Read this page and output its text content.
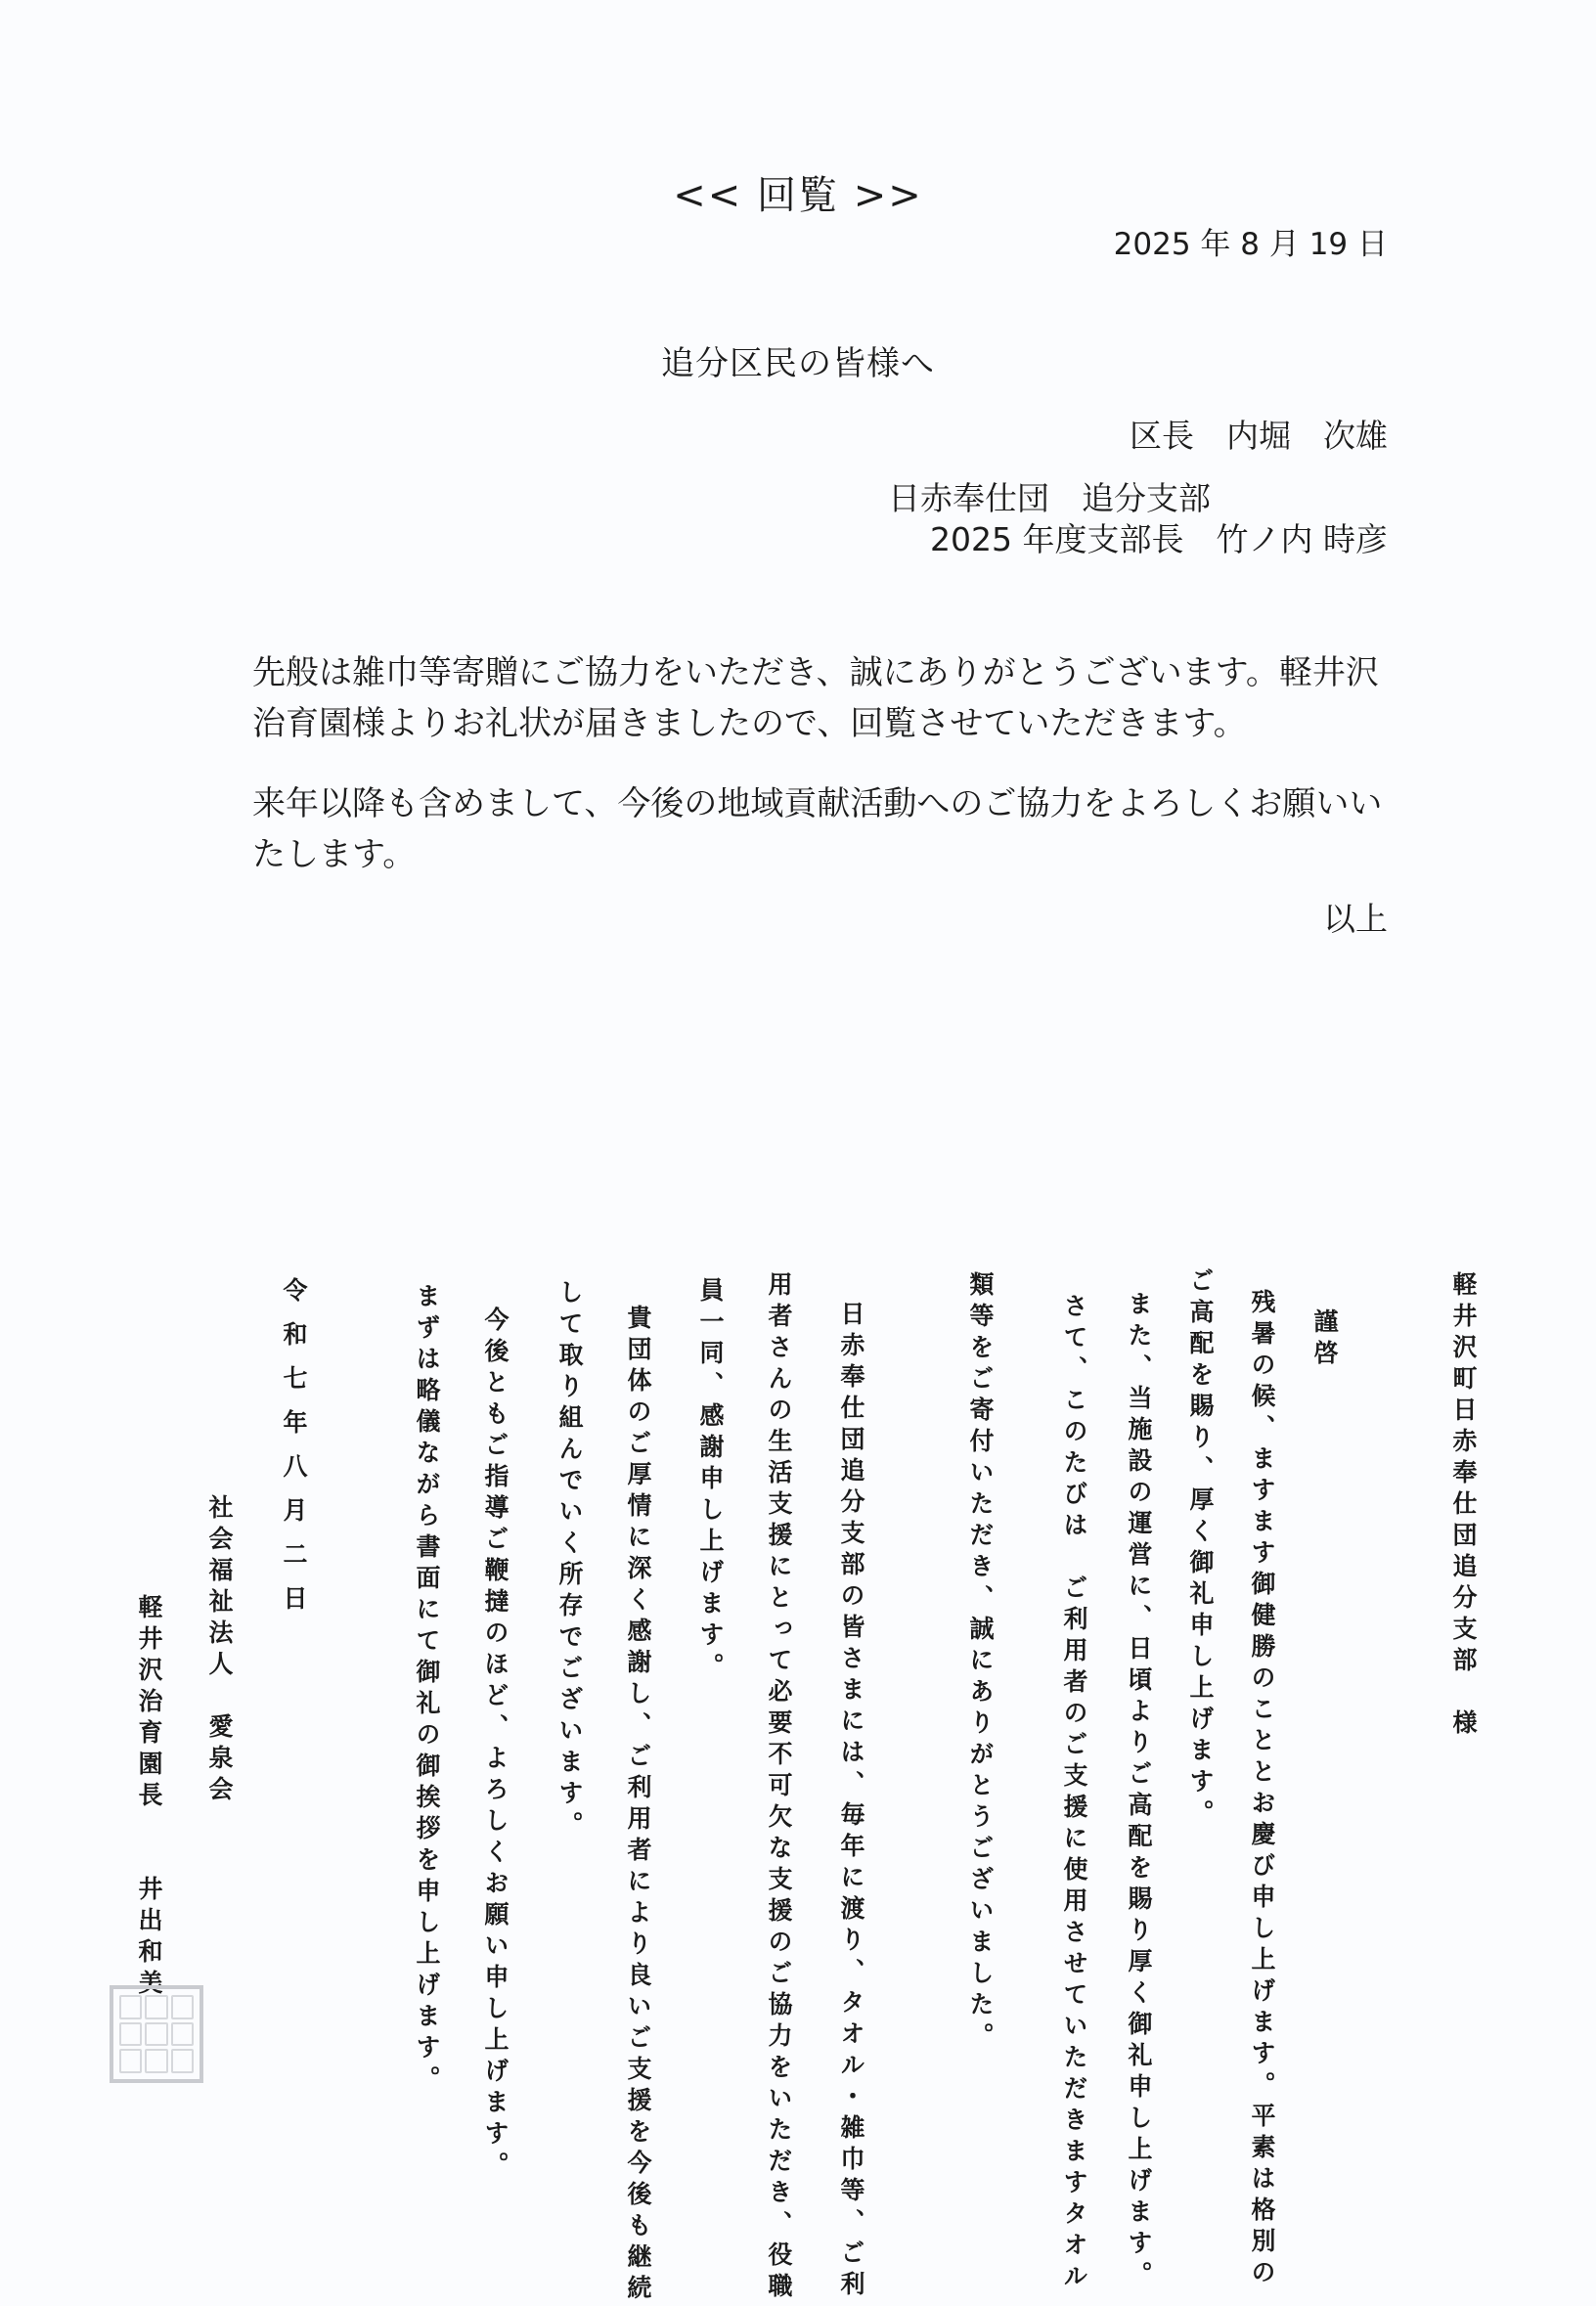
<< 回覧 >>
2025 年 8 月 19 日
追分区民の皆様へ
区長　内堀　次雄
日赤奉仕団　追分支部
2025 年度支部長　竹ノ内 時彦
先般は雑巾等寄贈にご協力をいただき、誠にありがとうございます。軽井沢治育園様よりお礼状が届きましたので、回覧させていただきます。
来年以降も含めまして、今後の地域貢献活動へのご協力をよろしくお願いいたします。
以上
軽井沢町日赤奉仕団追分支部　様
謹啓
残暑の候、ますます御健勝のこととお慶び申し上げます。平素は格別の
ご高配を賜り、厚く御礼申し上げます。
また、当施設の運営に、日頃よりご高配を賜り厚く御礼申し上げます。
さて、このたびは　ご利用者のご支援に使用させていただきますタオル
類等をご寄付いただき、誠にありがとうございました。
日赤奉仕団追分支部の皆さまには、毎年に渡り、タオル・雑巾等、ご利
用者さんの生活支援にとって必要不可欠な支援のご協力をいただき、役職
員一同、感謝申し上げます。
貴団体のご厚情に深く感謝し、ご利用者により良いご支援を今後も継続
して取り組んでいく所存でございます。
今後ともご指導ご鞭撻のほど、よろしくお願い申し上げます。
まずは略儀ながら書面にて御礼の御挨拶を申し上げます。
令和七年八月二日
社会福祉法人　愛泉会
軽井沢治育園長　　井出和美
